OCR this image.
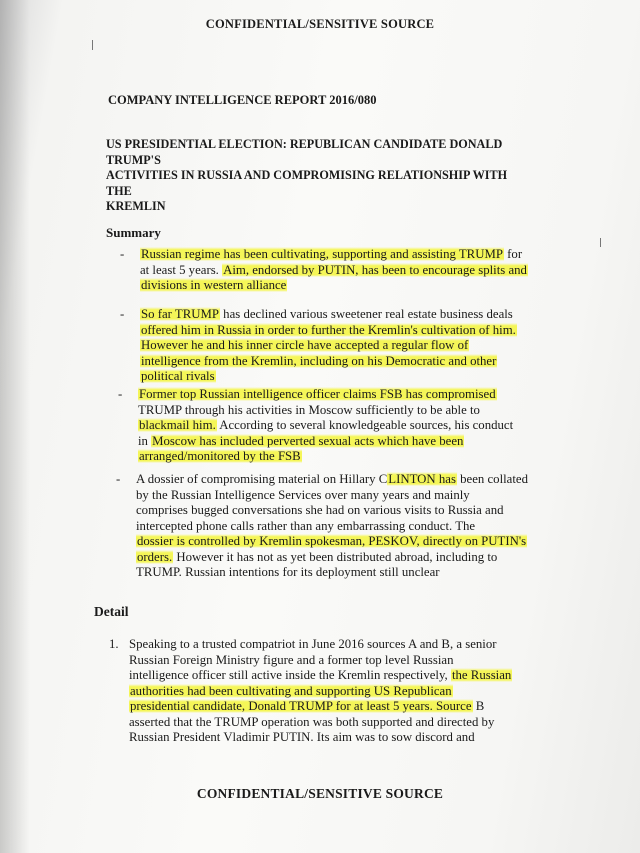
CONFIDENTIAL/SENSITIVE SOURCE
COMPANY INTELLIGENCE REPORT 2016/080
US PRESIDENTIAL ELECTION: REPUBLICAN CANDIDATE DONALD TRUMP'S
ACTIVITIES IN RUSSIA AND COMPROMISING RELATIONSHIP WITH THE
KREMLIN
Summary
- Russian regime has been cultivating, supporting and assisting TRUMP for
at least 5 years. Aim, endorsed by PUTIN, has been to encourage splits and
divisions in western alliance
- So far TRUMP has declined various sweetener real estate business deals
offered him in Russia in order to further the Kremlin's cultivation of him.
However he and his inner circle have accepted a regular flow of
intelligence from the Kremlin, including on his Democratic and other
political rivals
- Former top Russian intelligence officer claims FSB has compromised
TRUMP through his activities in Moscow sufficiently to be able to
blackmail him. According to several knowledgeable sources, his conduct
in Moscow has included perverted sexual acts which have been
arranged/monitored by the FSB
- A dossier of compromising material on Hillary CLINTON has been collated
by the Russian Intelligence Services over many years and mainly
comprises bugged conversations she had on various visits to Russia and
intercepted phone calls rather than any embarrassing conduct. The
dossier is controlled by Kremlin spokesman, PESKOV, directly on PUTIN's
orders. However it has not as yet been distributed abroad, including to
TRUMP. Russian intentions for its deployment still unclear
Detail
1. Speaking to a trusted compatriot in June 2016 sources A and B, a senior
Russian Foreign Ministry figure and a former top level Russian
intelligence officer still active inside the Kremlin respectively, the Russian
authorities had been cultivating and supporting US Republican
presidential candidate, Donald TRUMP for at least 5 years. Source B
asserted that the TRUMP operation was both supported and directed by
Russian President Vladimir PUTIN. Its aim was to sow discord and
CONFIDENTIAL/SENSITIVE SOURCE
